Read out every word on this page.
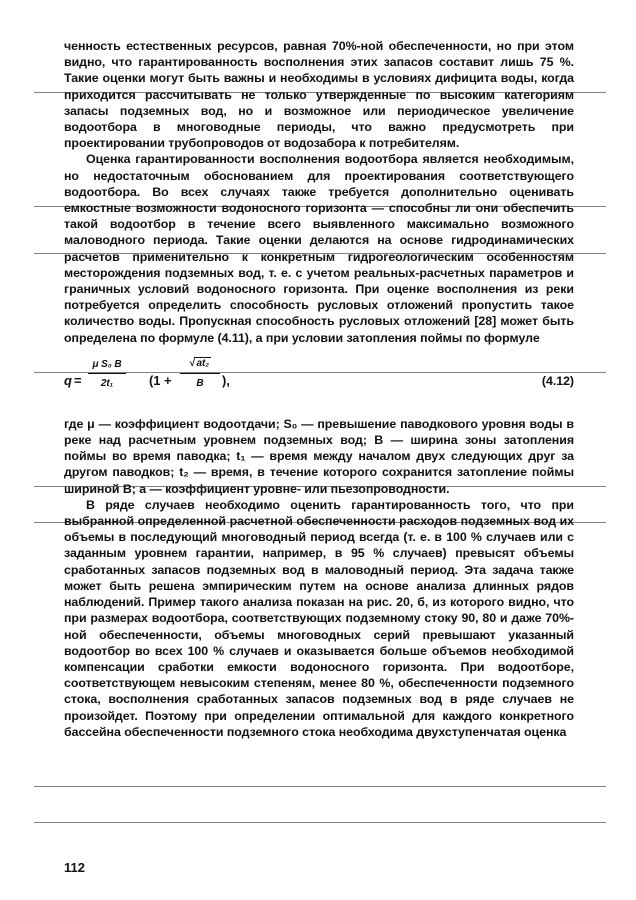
ченность естественных ресурсов, равная 70%-ной обеспеченности, но при этом видно, что гарантированность восполнения этих запасов составит лишь 75 %. Такие оценки могут быть важны и необходимы в условиях дифицита воды, когда приходится рассчитывать не только утвержденные по высоким категориям запасы подземных вод, но и возможное или периодическое увеличение водоотбора в многоводные периоды, что важно предусмотреть при проектировании трубопроводов от водозабора к потребителям.

Оценка гарантированности восполнения водоотбора является необходимым, но недостаточным обоснованием для проектирования соответствующего водоотбора. Во всех случаях также требуется дополнительно оценивать емкостные возможности водоносного горизонта — способны ли они обеспечить такой водоотбор в течение всего выявленного максимально возможного маловодного периода. Такие оценки делаются на основе гидродинамических расчетов применительно к конкретным гидрогеологическим особенностям месторождения подземных вод, т. е. с учетом реальных-расчетных параметров и граничных условий водоносного горизонта. При оценке восполнения из реки потребуется определить способность русловых отложений пропустить такое количество воды. Пропускная способность русловых отложений [28] может быть определена по формуле (4.11), а при условии затопления поймы по формуле

q =
μ S₀ B
2t₁	(1 +
√ at₂
B	),	(4.12)

где μ — коэффициент водоотдачи; S₀ — превышение паводкового уровня воды в реке над расчетным уровнем подземных вод; B — ширина зоны затопления поймы во время паводка; t₁ — время между началом двух следующих друг за другом паводков; t₂ — время, в течение которого сохранится затопление поймы шириной B; a — коэффициент уровне- или пьезопроводности.

В ряде случаев необходимо оценить гарантированность того, что при выбранной определенной расчетной обеспеченности расходов подземных вод их объемы в последующий многоводный период всегда (т. е. в 100 % случаев или с заданным уровнем гарантии, например, в 95 % случаев) превысят объемы сработанных запасов подземных вод в маловодный период. Эта задача также может быть решена эмпирическим путем на основе анализа длинных рядов наблюдений. Пример такого анализа показан на рис. 20, б, из которого видно, что при размерах водоотбора, соответствующих подземному стоку 90, 80 и даже 70%-ной обеспеченности, объемы многоводных серий превышают указанный водоотбор во всех 100 % случаев и оказывается больше объемов необходимой компенсации сработки емкости водоносного горизонта. При водоотборе, соответствующем невысоким степеням, менее 80 %, обеспеченности подземного стока, восполнения сработанных запасов подземных вод в ряде случаев не произойдет. Поэтому при определении оптимальной для каждого конкретного бассейна обеспеченности подземного стока необходима двухступенчатая оценка

112
